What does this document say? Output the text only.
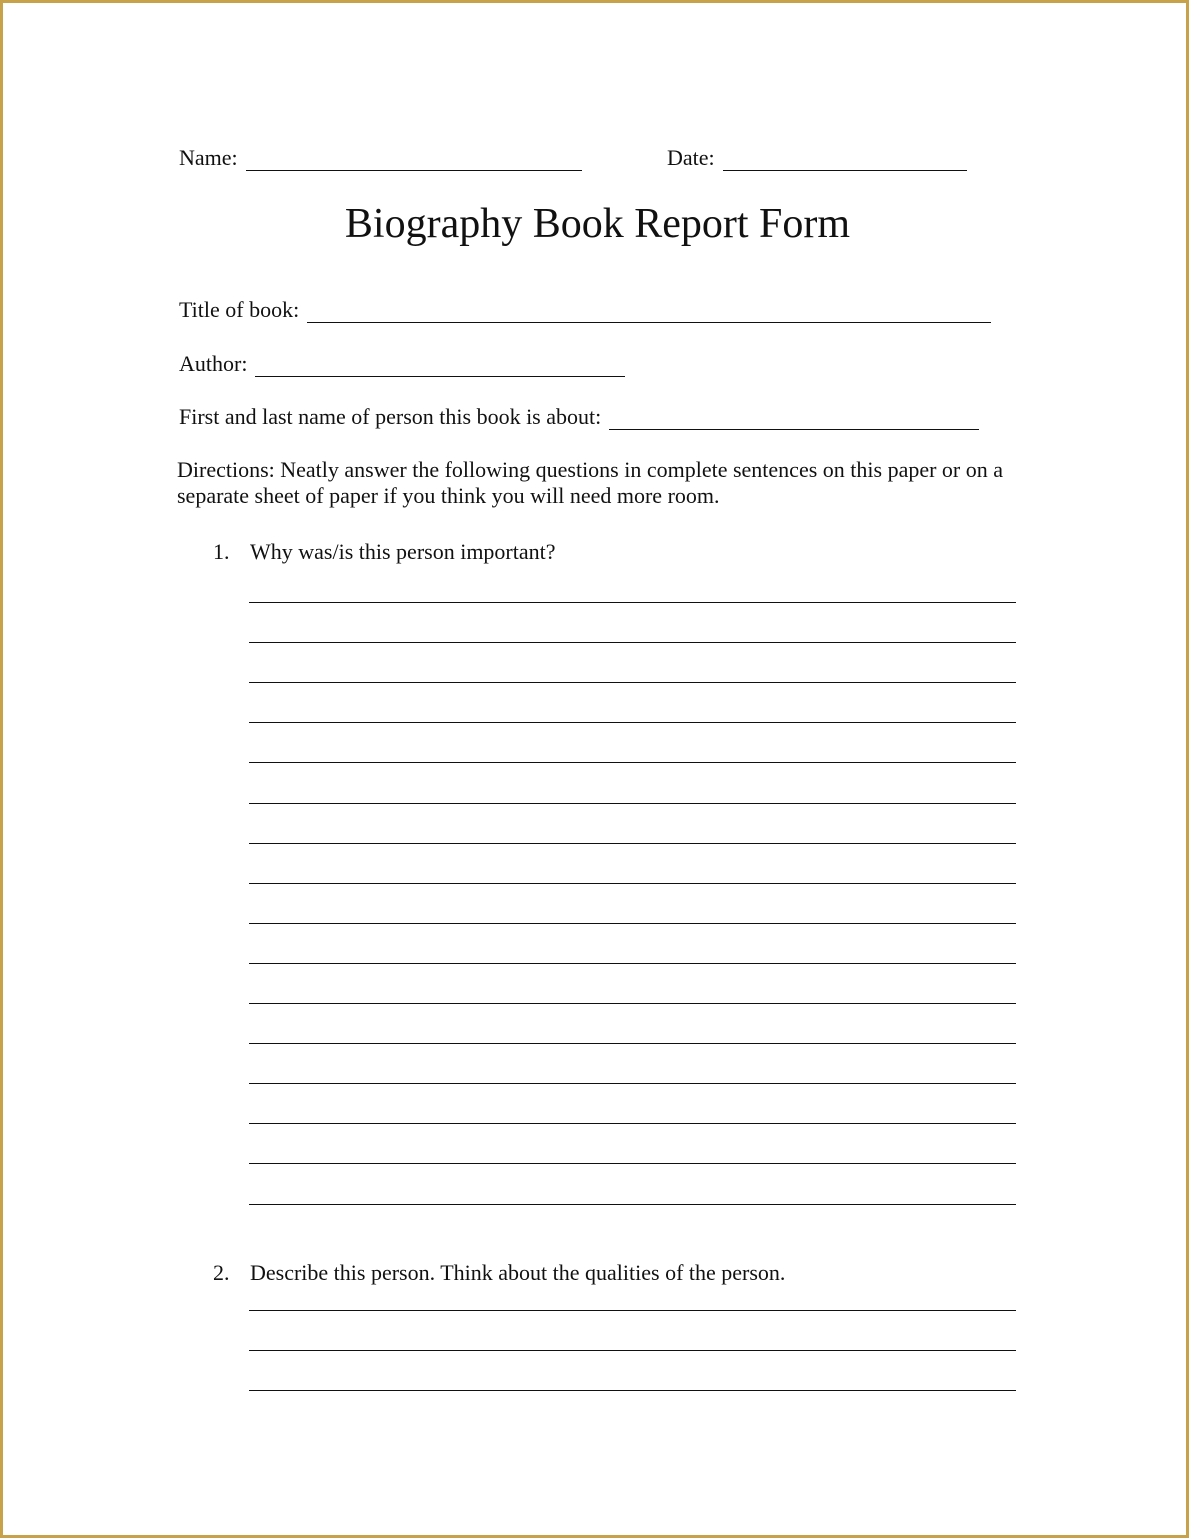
Name:	Date:
Biography Book Report Form
Title of book:
Author:
First and last name of person this book is about:
Directions: Neatly answer the following questions in complete sentences on this paper or on a separate sheet of paper if you think you will need more room.
1. Why was/is this person important?
2. Describe this person. Think about the qualities of the person.
